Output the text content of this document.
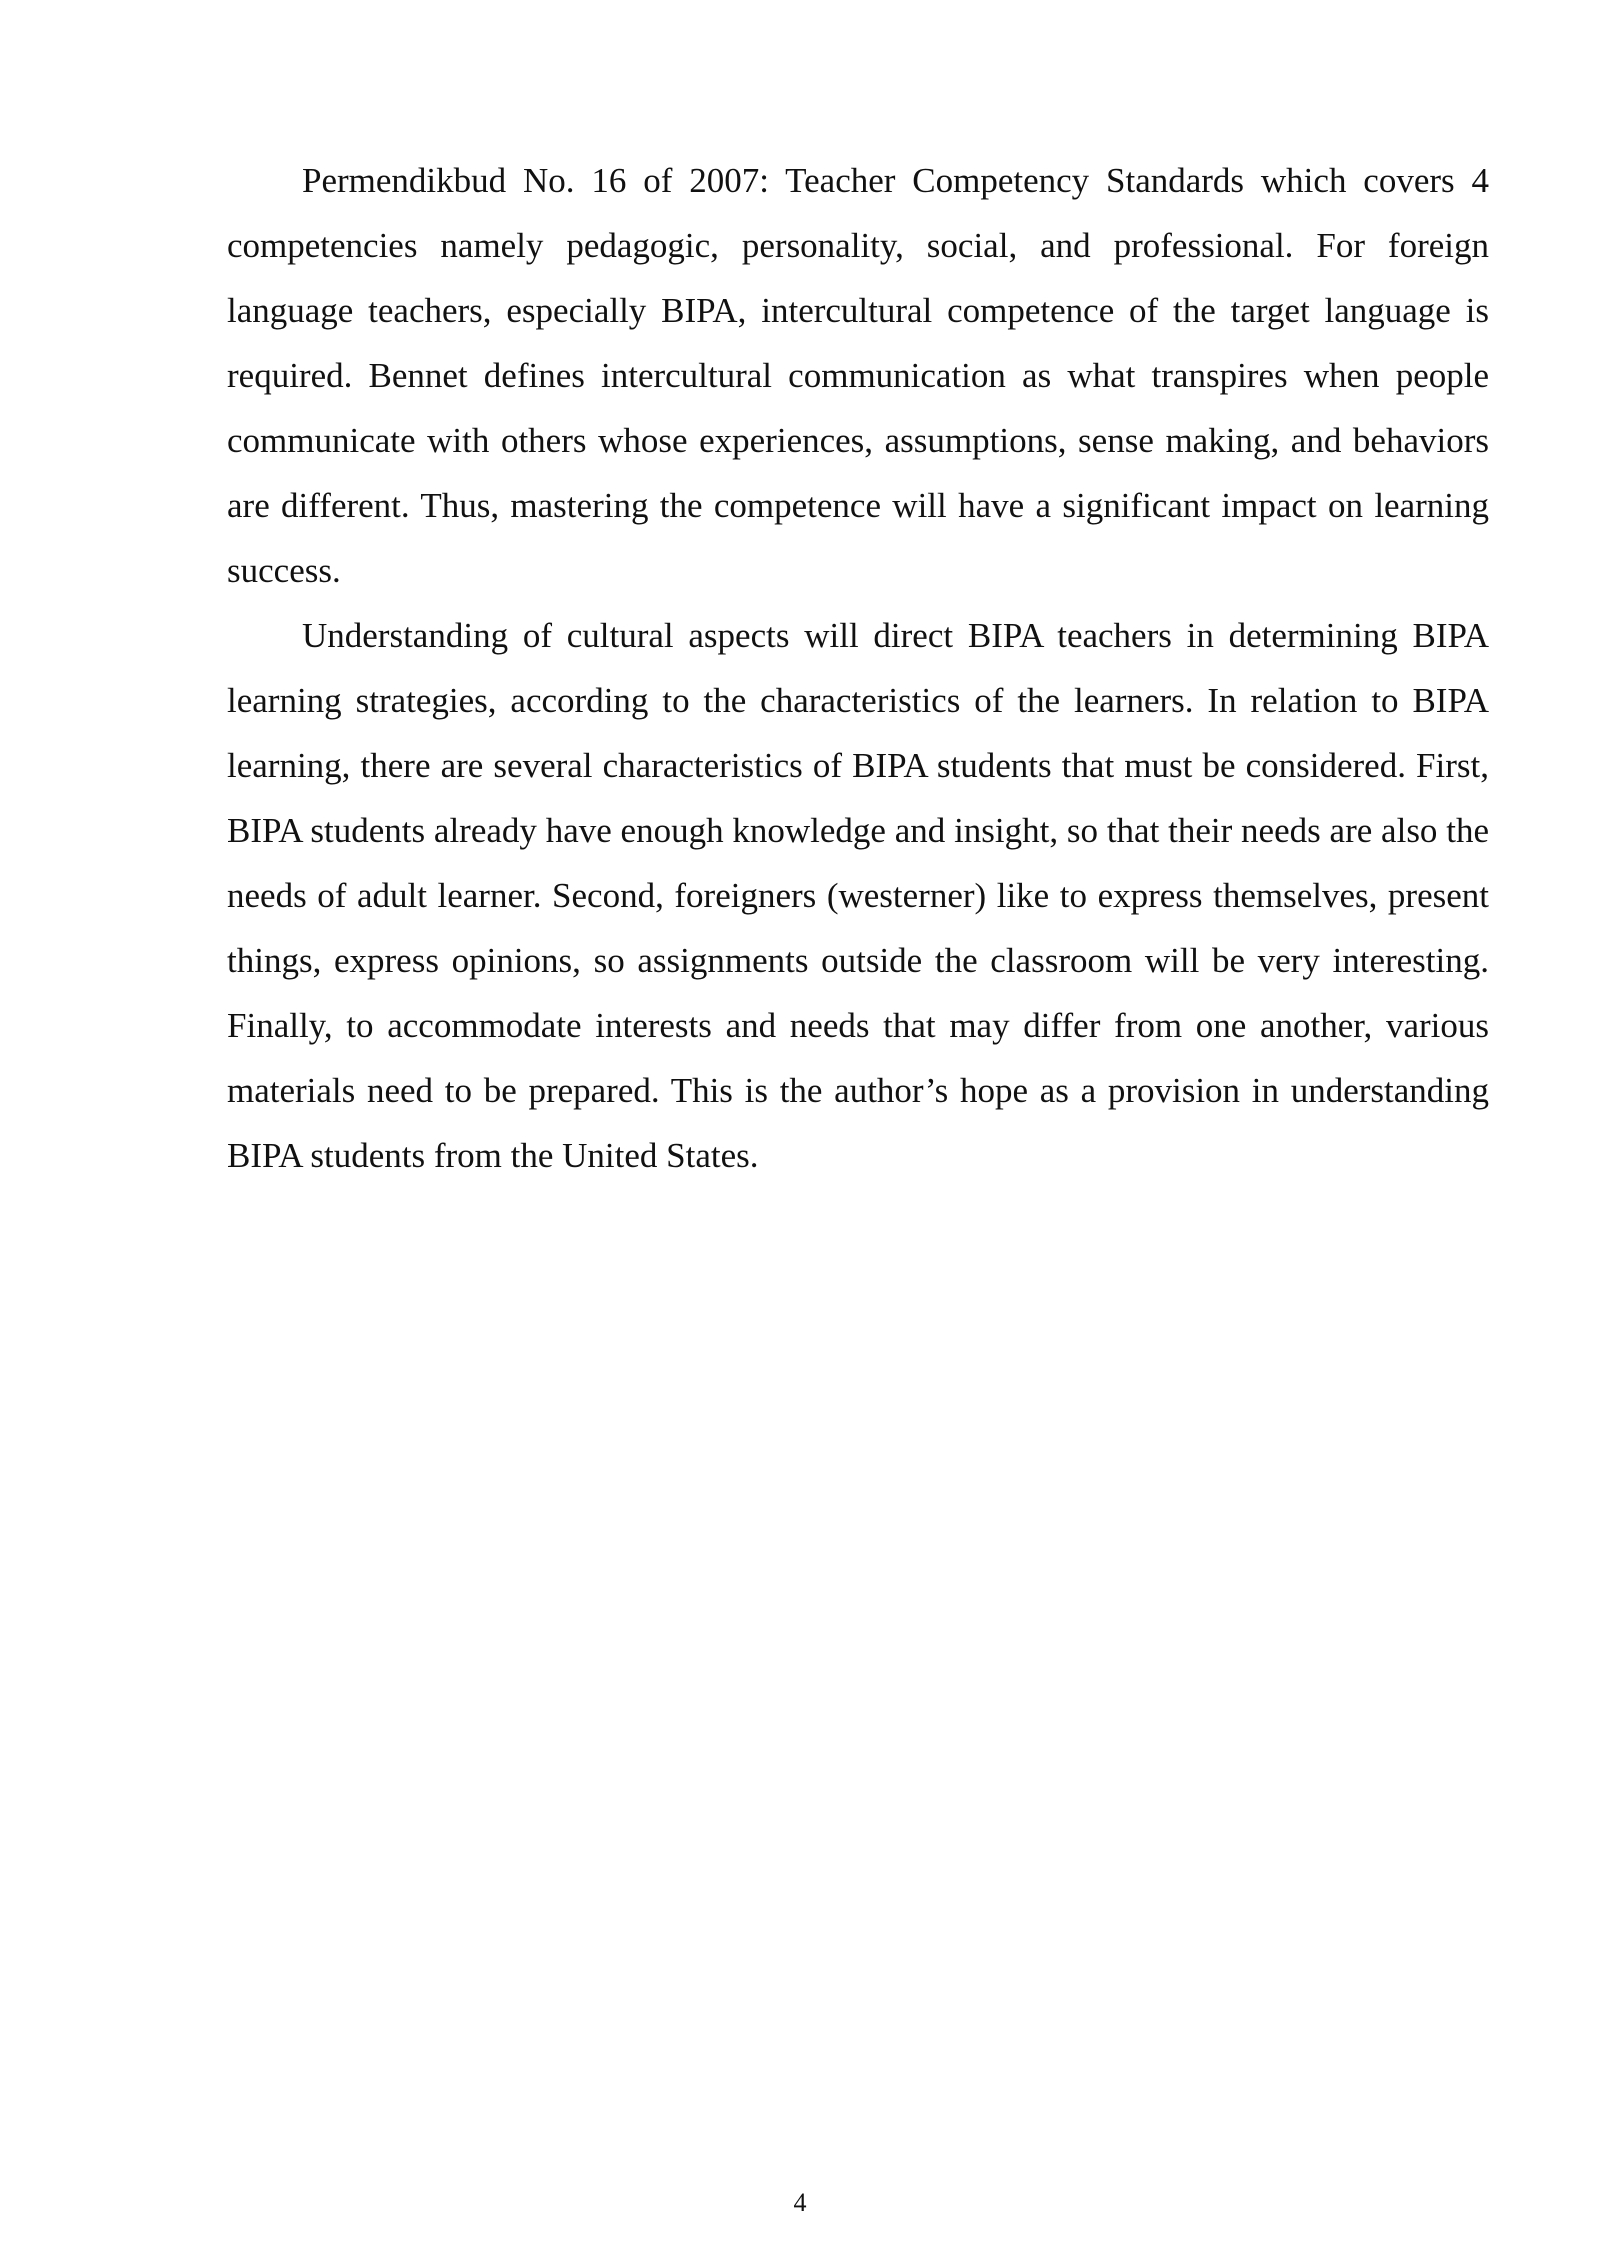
Permendikbud No. 16 of 2007: Teacher Competency Standards which covers 4 competencies namely pedagogic, personality, social, and professional. For foreign language teachers, especially BIPA, intercultural competence of the target language is required. Bennet defines intercultural communication as what transpires when people communicate with others whose experiences, assumptions, sense making, and behaviors are different. Thus, mastering the competence will have a significant impact on learning success.

Understanding of cultural aspects will direct BIPA teachers in determining BIPA learning strategies, according to the characteristics of the learners. In relation to BIPA learning, there are several characteristics of BIPA students that must be considered. First, BIPA students already have enough knowledge and insight, so that their needs are also the needs of adult learner. Second, foreigners (westerner) like to express themselves, present things, express opinions, so assignments outside the classroom will be very interesting. Finally, to accommodate interests and needs that may differ from one another, various materials need to be prepared. This is the author’s hope as a provision in understanding BIPA students from the United States.

4
